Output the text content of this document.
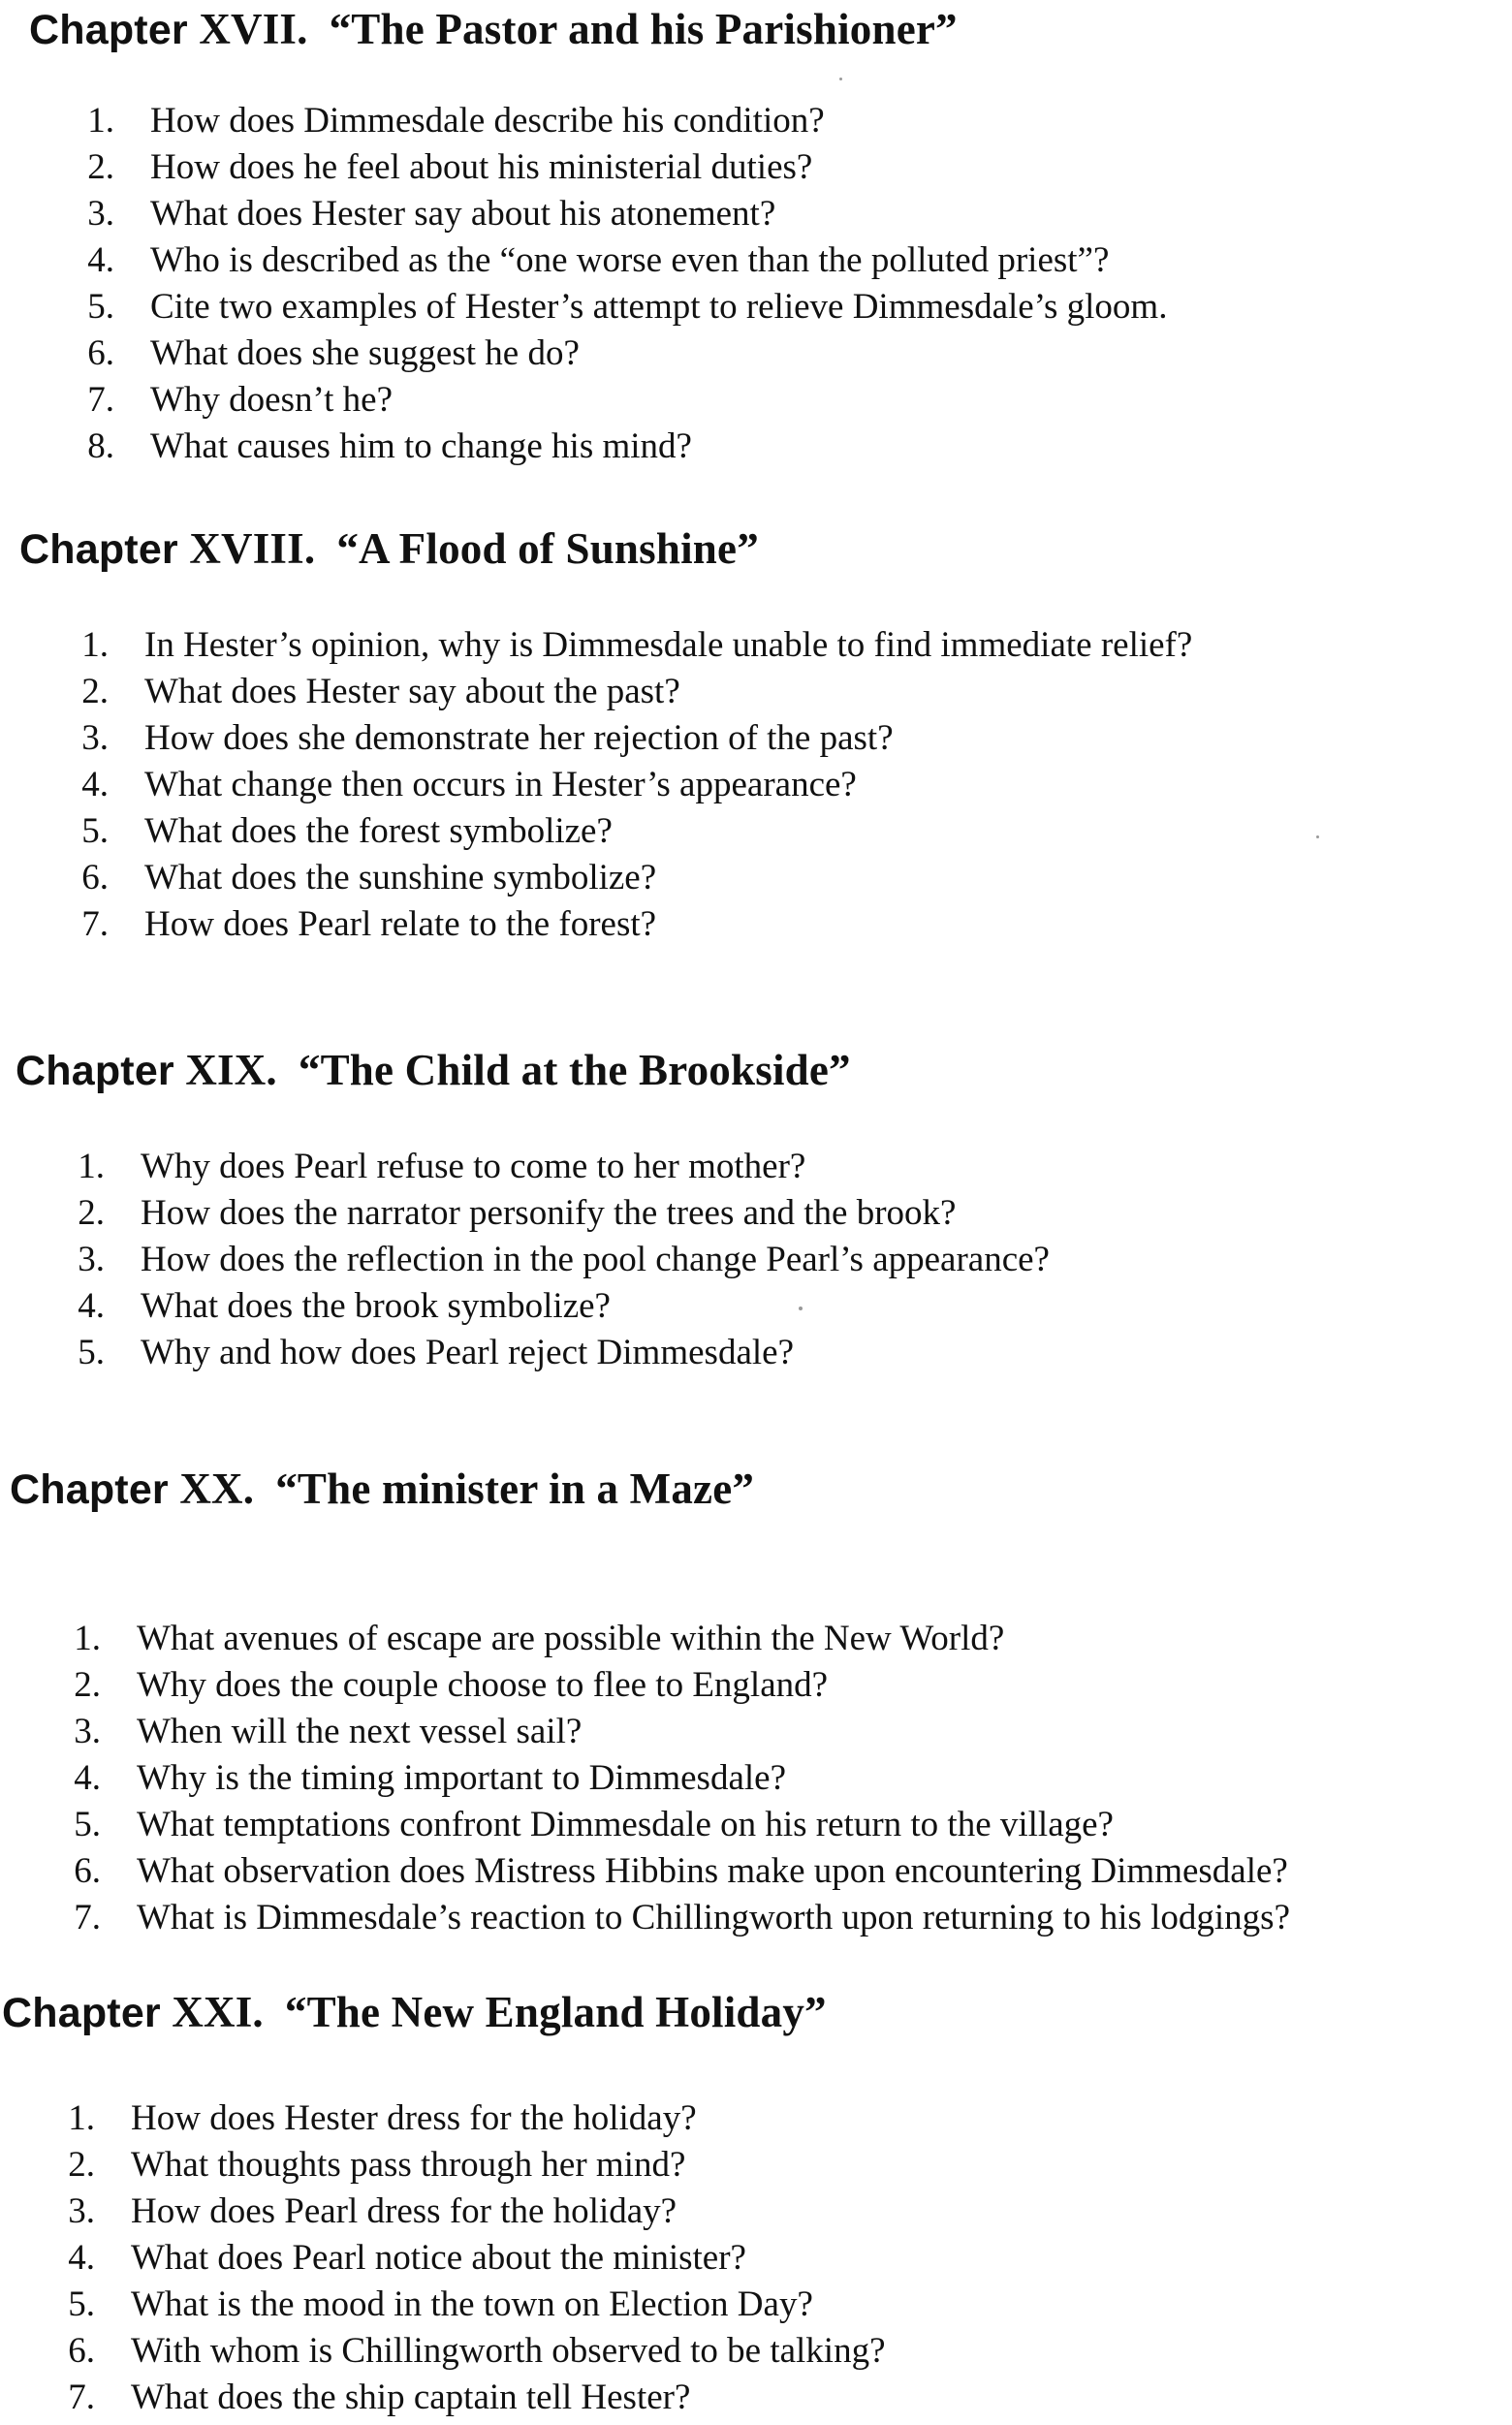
Chapter XVII. “The Pastor and his Parishioner”
1. How does Dimmesdale describe his condition?
2. How does he feel about his ministerial duties?
3. What does Hester say about his atonement?
4. Who is described as the “one worse even than the polluted priest”?
5. Cite two examples of Hester’s attempt to relieve Dimmesdale’s gloom.
6. What does she suggest he do?
7. Why doesn’t he?
8. What causes him to change his mind?
Chapter XVIII. “A Flood of Sunshine”
1. In Hester’s opinion, why is Dimmesdale unable to find immediate relief?
2. What does Hester say about the past?
3. How does she demonstrate her rejection of the past?
4. What change then occurs in Hester’s appearance?
5. What does the forest symbolize?
6. What does the sunshine symbolize?
7. How does Pearl relate to the forest?
Chapter XIX. “The Child at the Brookside”
1. Why does Pearl refuse to come to her mother?
2. How does the narrator personify the trees and the brook?
3. How does the reflection in the pool change Pearl’s appearance?
4. What does the brook symbolize?
5. Why and how does Pearl reject Dimmesdale?
Chapter XX. “The minister in a Maze”
1. What avenues of escape are possible within the New World?
2. Why does the couple choose to flee to England?
3. When will the next vessel sail?
4. Why is the timing important to Dimmesdale?
5. What temptations confront Dimmesdale on his return to the village?
6. What observation does Mistress Hibbins make upon encountering Dimmesdale?
7. What is Dimmesdale’s reaction to Chillingworth upon returning to his lodgings?
Chapter XXI. “The New England Holiday”
1. How does Hester dress for the holiday?
2. What thoughts pass through her mind?
3. How does Pearl dress for the holiday?
4. What does Pearl notice about the minister?
5. What is the mood in the town on Election Day?
6. With whom is Chillingworth observed to be talking?
7. What does the ship captain tell Hester?
